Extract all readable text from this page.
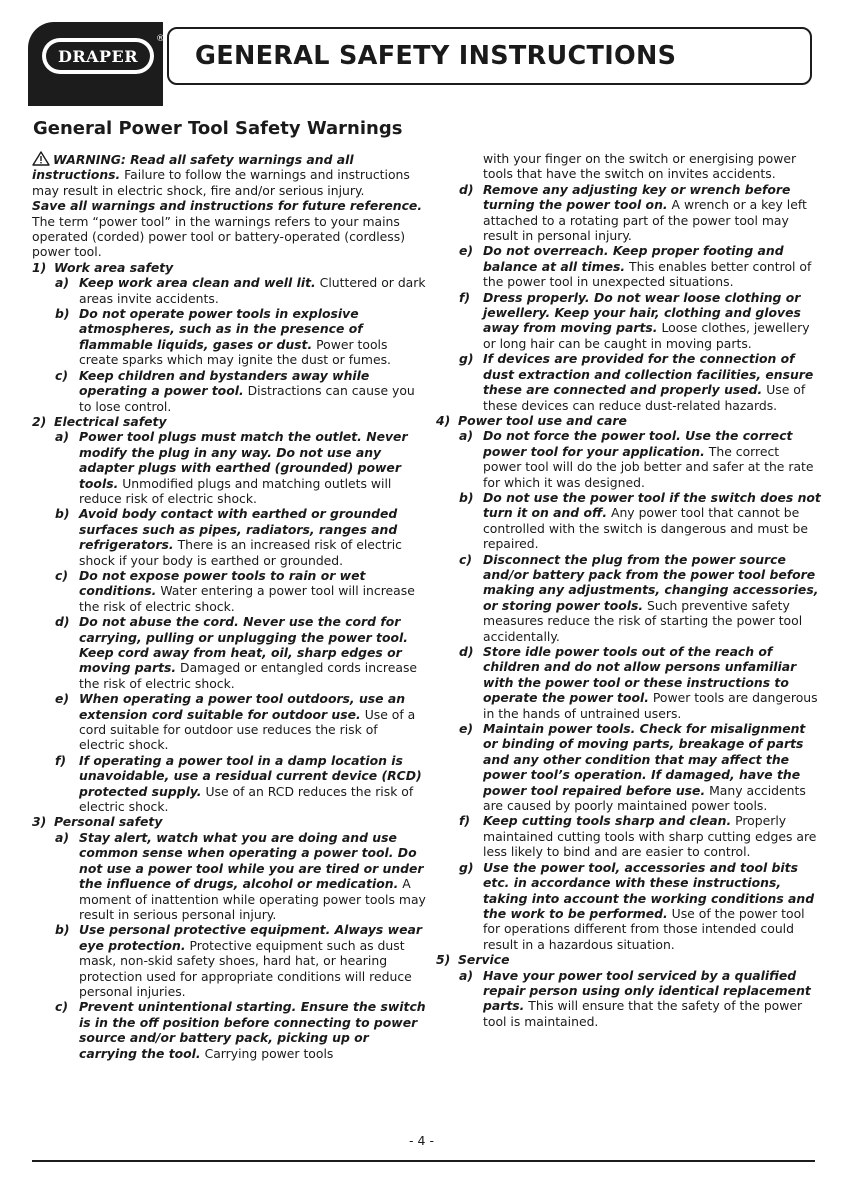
DRAPER
®
GENERAL SAFETY INSTRUCTIONS
General Power Tool Safety Warnings

WARNING: Read all safety warnings and all instructions. Failure to follow the warnings and instructions may result in electric shock, fire and/or serious injury.

Save all warnings and instructions for future reference.

The term “power tool” in the warnings refers to your mains operated (corded) power tool or battery-operated (cordless) power tool.

1) Work area safety

a) Keep work area clean and well lit. Cluttered or dark areas invite accidents.

b) Do not operate power tools in explosive atmospheres, such as in the presence of flammable liquids, gases or dust. Power tools create sparks which may ignite the dust or fumes.

c) Keep children and bystanders away while operating a power tool. Distractions can cause you to lose control.

2) Electrical safety

a) Power tool plugs must match the outlet. Never modify the plug in any way. Do not use any adapter plugs with earthed (grounded) power tools. Unmodified plugs and matching outlets will reduce risk of electric shock.

b) Avoid body contact with earthed or grounded surfaces such as pipes, radiators, ranges and refrigerators. There is an increased risk of electric shock if your body is earthed or grounded.

c) Do not expose power tools to rain or wet conditions. Water entering a power tool will increase the risk of electric shock.

d) Do not abuse the cord. Never use the cord for carrying, pulling or unplugging the power tool. Keep cord away from heat, oil, sharp edges or moving parts. Damaged or entangled cords increase the risk of electric shock.

e) When operating a power tool outdoors, use an extension cord suitable for outdoor use. Use of a cord suitable for outdoor use reduces the risk of electric shock.

f) If operating a power tool in a damp location is unavoidable, use a residual current device (RCD) protected supply. Use of an RCD reduces the risk of electric shock.

3) Personal safety

a) Stay alert, watch what you are doing and use common sense when operating a power tool. Do not use a power tool while you are tired or under the influence of drugs, alcohol or medication. A moment of inattention while operating power tools may result in serious personal injury.

b) Use personal protective equipment. Always wear eye protection. Protective equipment such as dust mask, non-skid safety shoes, hard hat, or hearing protection used for appropriate conditions will reduce personal injuries.

c) Prevent unintentional starting. Ensure the switch is in the off position before connecting to power source and/or battery pack, picking up or carrying the tool. Carrying power tools

with your finger on the switch or energising power tools that have the switch on invites accidents.

d) Remove any adjusting key or wrench before turning the power tool on. A wrench or a key left attached to a rotating part of the power tool may result in personal injury.

e) Do not overreach. Keep proper footing and balance at all times. This enables better control of the power tool in unexpected situations.

f) Dress properly. Do not wear loose clothing or jewellery. Keep your hair, clothing and gloves away from moving parts. Loose clothes, jewellery or long hair can be caught in moving parts.

g) If devices are provided for the connection of dust extraction and collection facilities, ensure these are connected and properly used. Use of these devices can reduce dust-related hazards.

4) Power tool use and care

a) Do not force the power tool. Use the correct power tool for your application. The correct power tool will do the job better and safer at the rate for which it was designed.

b) Do not use the power tool if the switch does not turn it on and off. Any power tool that cannot be controlled with the switch is dangerous and must be repaired.

c) Disconnect the plug from the power source and/or battery pack from the power tool before making any adjustments, changing accessories, or storing power tools. Such preventive safety measures reduce the risk of starting the power tool accidentally.

d) Store idle power tools out of the reach of children and do not allow persons unfamiliar with the power tool or these instructions to operate the power tool. Power tools are dangerous in the hands of untrained users.

e) Maintain power tools. Check for misalignment or binding of moving parts, breakage of parts and any other condition that may affect the power tool’s operation. If damaged, have the power tool repaired before use. Many accidents are caused by poorly maintained power tools.

f) Keep cutting tools sharp and clean. Properly maintained cutting tools with sharp cutting edges are less likely to bind and are easier to control.

g) Use the power tool, accessories and tool bits etc. in accordance with these instructions, taking into account the working conditions and the work to be performed. Use of the power tool for operations different from those intended could result in a hazardous situation.

5) Service

a) Have your power tool serviced by a qualified repair person using only identical replacement parts. This will ensure that the safety of the power tool is maintained.

- 4 -
